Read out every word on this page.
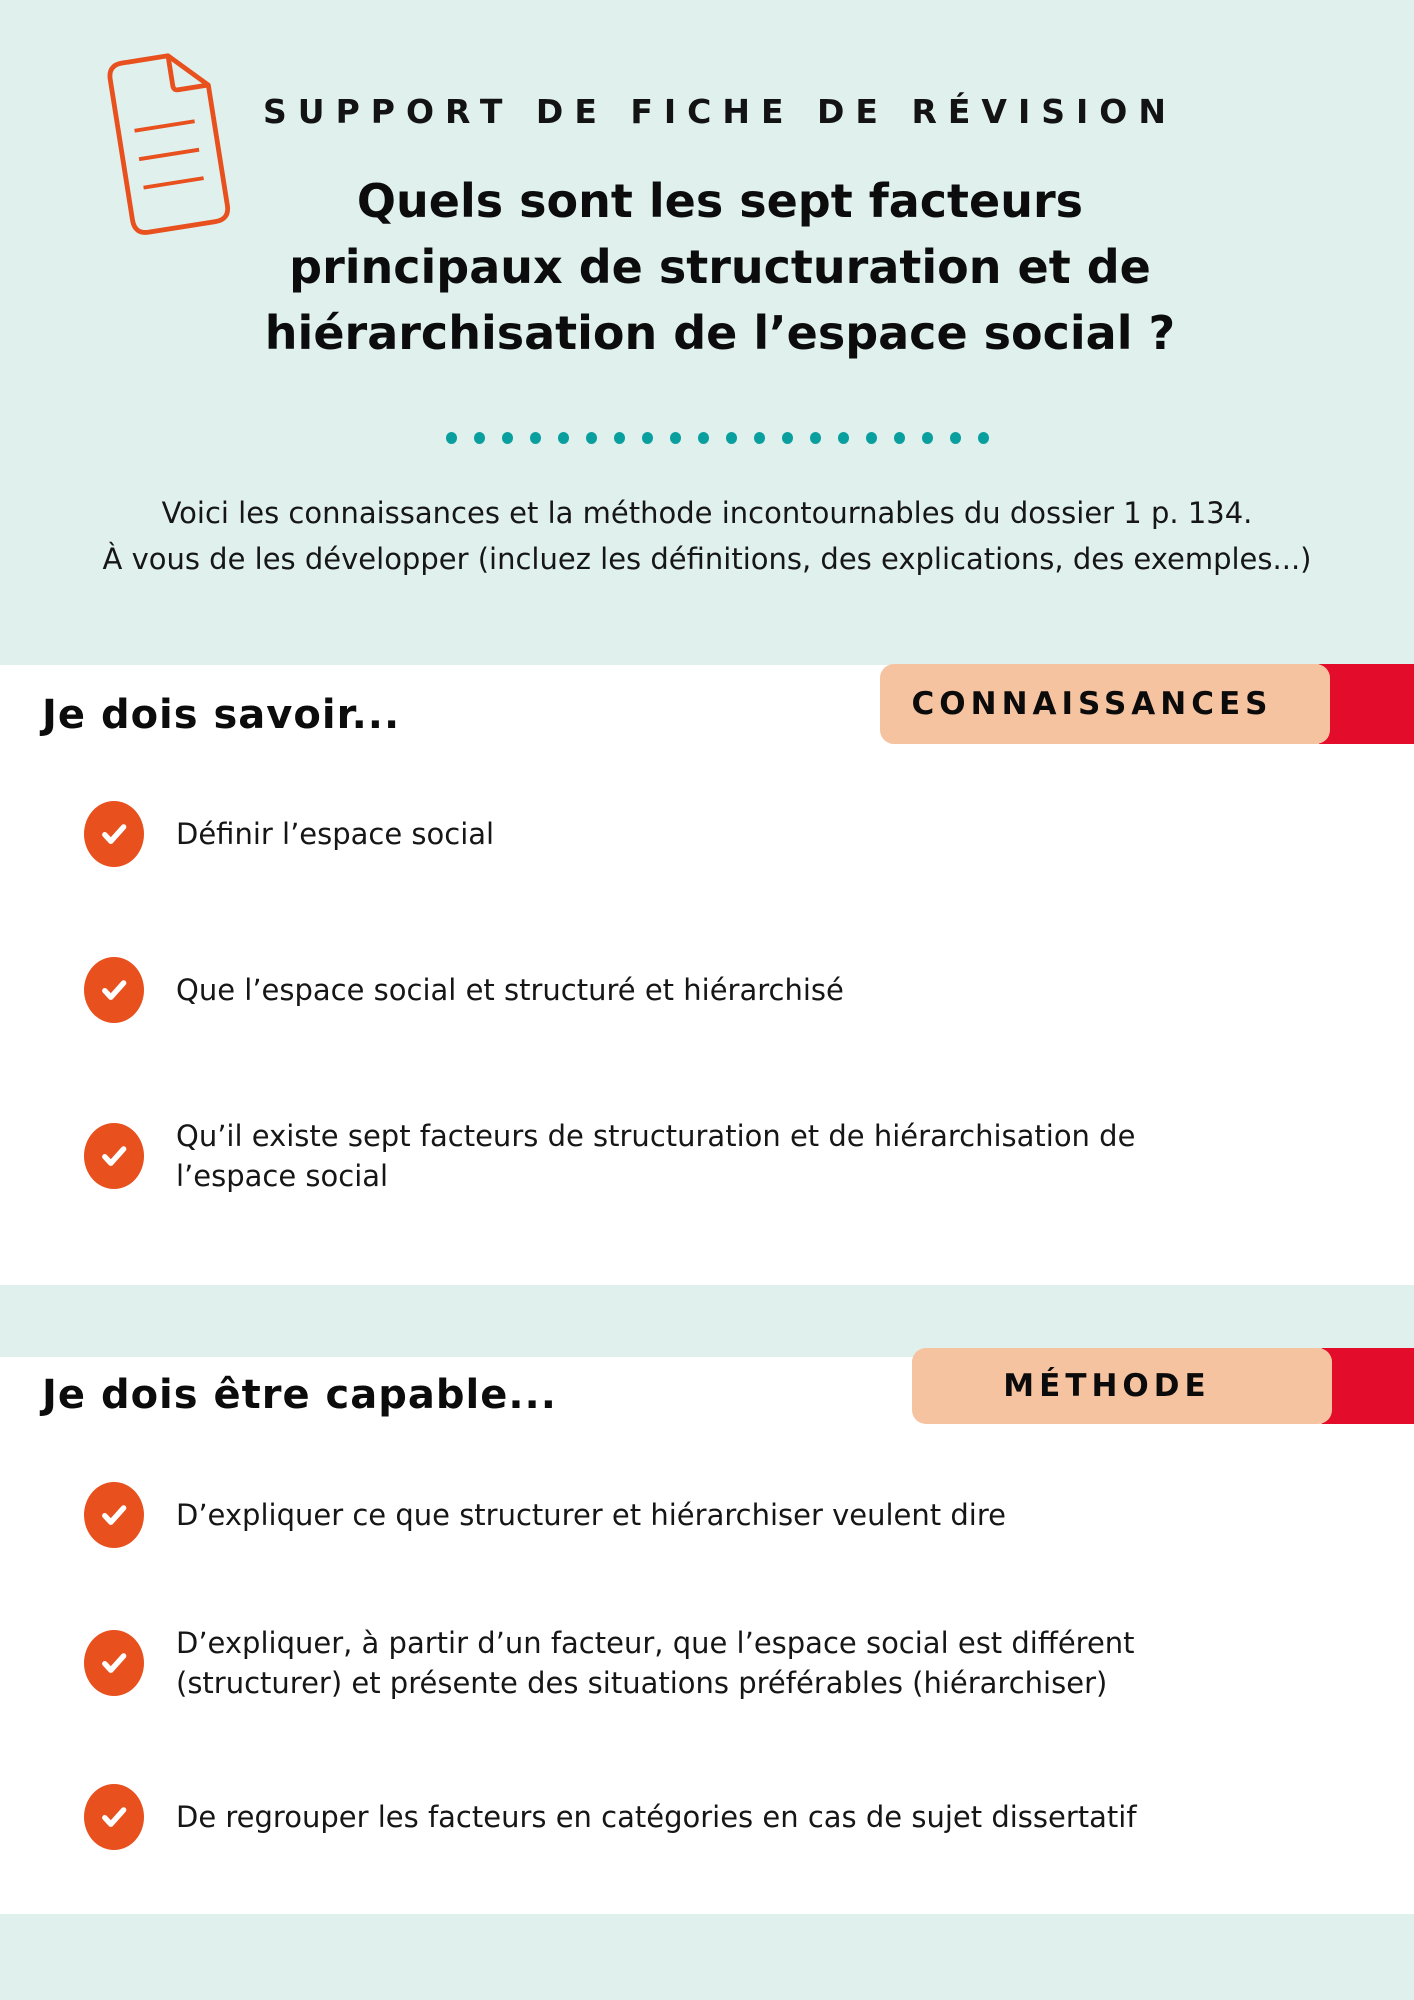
SUPPORT DE FICHE DE RÉVISION
Quels sont les sept facteurs
principaux de structuration et de
hiérarchisation de l’espace social ?
Voici les connaissances et la méthode incontournables du dossier 1 p. 134.
À vous de les développer (incluez les définitions, des explications, des exemples...)
Je dois savoir...	CONNAISSANCES
Définir l’espace social
Que l’espace social et structuré et hiérarchisé
Qu’il existe sept facteurs de structuration et de hiérarchisation de l’espace social
Je dois être capable...	MÉTHODE
D’expliquer ce que structurer et hiérarchiser veulent dire
D’expliquer, à partir d’un facteur, que l’espace social est différent (structurer) et présente des situations préférables (hiérarchiser)
De regrouper les facteurs en catégories en cas de sujet dissertatif
